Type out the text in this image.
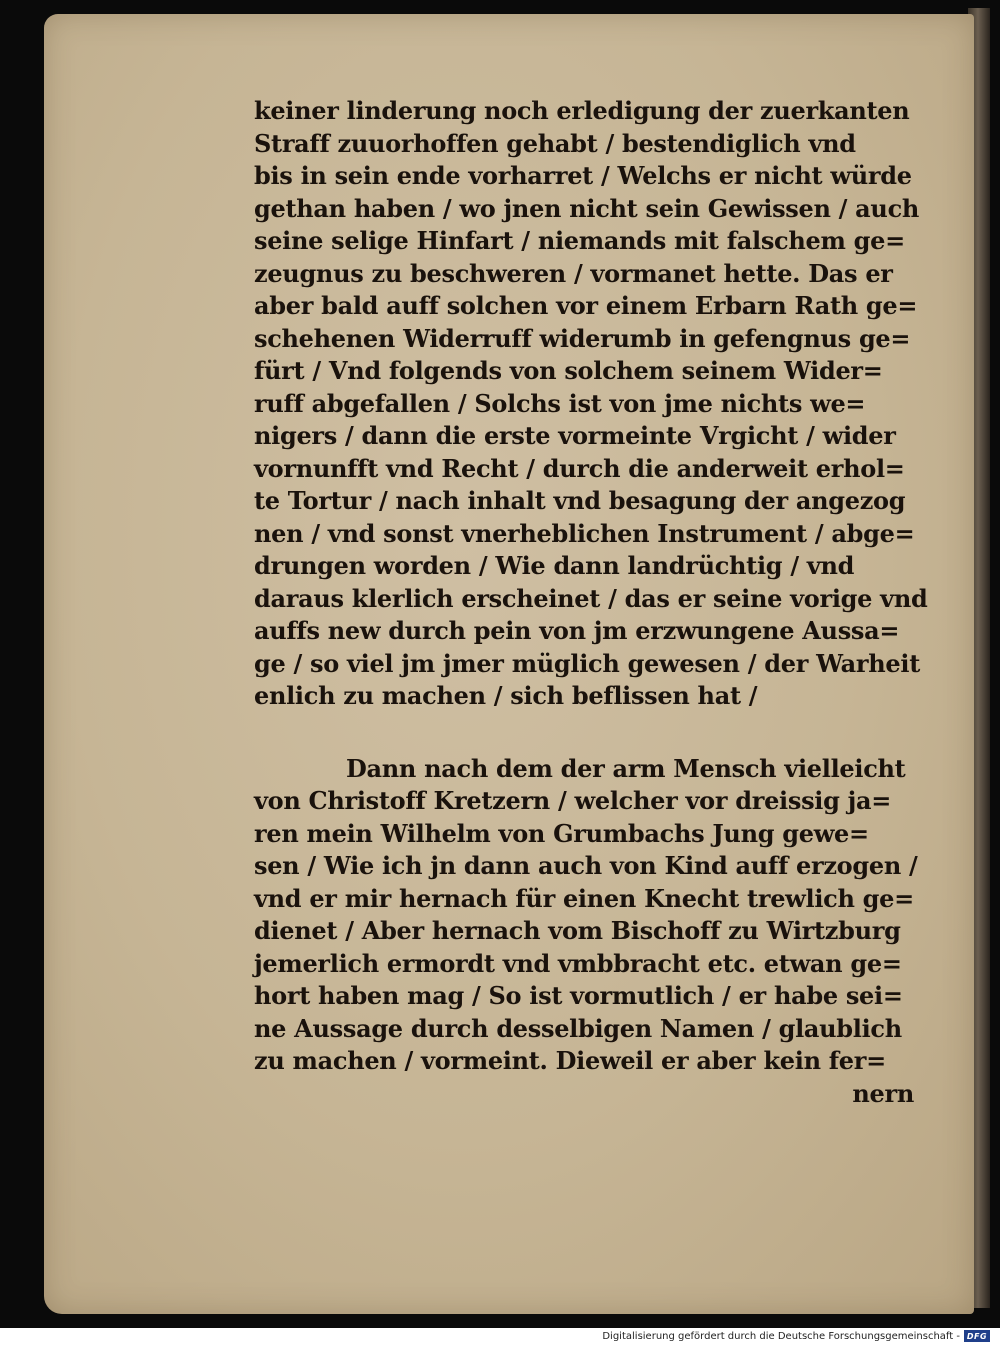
keiner linderung noch erledigung der zuerkanten
Straff zuuorhoffen gehabt / bestendiglich vnd
bis in sein ende vorharret / Welchs er nicht würde
gethan haben / wo jnen nicht sein Gewissen / auch
seine selige Hinfart / niemands mit falschem ge=
zeugnus zu beschweren / vormanet hette. Das er
aber bald auff solchen vor einem Erbarn Rath ge=
schehenen Widerruff widerumb in gefengnus ge=
fürt / Vnd folgends von solchem seinem Wider=
ruff abgefallen / Solchs ist von jme nichts we=
nigers / dann die erste vormeinte Vrgicht / wider
vornunfft vnd Recht / durch die anderweit erhol=
te Tortur / nach inhalt vnd besagung der angezog
nen / vnd sonst vnerheblichen Instrument / abge=
drungen worden / Wie dann landrüchtig / vnd
daraus klerlich erscheinet / das er seine vorige vnd
auffs new durch pein von jm erzwungene Aussa=
ge / so viel jm jmer müglich gewesen / der Warheit
enlich zu machen / sich beflissen hat /
Dann nach dem der arm Mensch vielleicht
von Christoff Kretzern / welcher vor dreissig ja=
ren mein Wilhelm von Grumbachs Jung gewe=
sen / Wie ich jn dann auch von Kind auff erzogen /
vnd er mir hernach für einen Knecht trewlich ge=
dienet / Aber hernach vom Bischoff zu Wirtzburg
jemerlich ermordt vnd vmbbracht etc. etwan ge=
hort haben mag / So ist vormutlich / er habe sei=
ne Aussage durch desselbigen Namen / glaublich
zu machen / vormeint. Dieweil er aber kein fer=
nern
Digitalisierung gefördert durch die Deutsche Forschungsgemeinschaft - DFG
